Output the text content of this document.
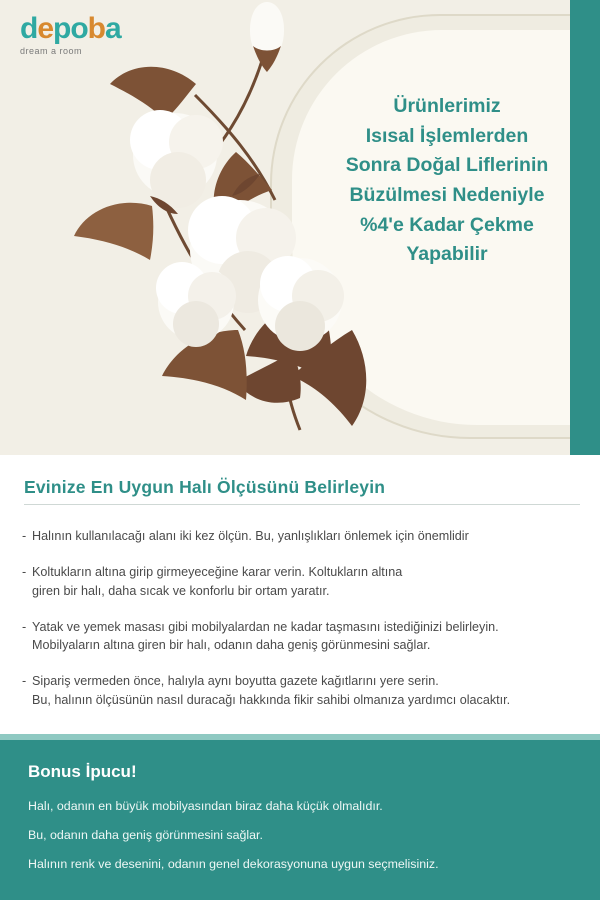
depoba
dream a room
Ürünlerimiz
Isısal İşlemlerden
Sonra Doğal Liflerinin
Büzülmesi Nedeniyle
%4'e Kadar Çekme
Yapabilir
Evinize En Uygun Halı Ölçüsünü Belirleyin
- Halının kullanılacağı alanı iki kez ölçün. Bu, yanlışlıkları önlemek için önemlidir
- Koltukların altına girip girmeyeceğine karar verin. Koltukların altına
giren bir halı, daha sıcak ve konforlu bir ortam yaratır.
- Yatak ve yemek masası gibi mobilyalardan ne kadar taşmasını istediğinizi belirleyin.
Mobilyaların altına giren bir halı, odanın daha geniş görünmesini sağlar.
- Sipariş vermeden önce, halıyla aynı boyutta gazete kağıtlarını yere serin.
Bu, halının ölçüsünün nasıl duracağı hakkında fikir sahibi olmanıza yardımcı olacaktır.
Bonus İpucu!
Halı, odanın en büyük mobilyasından biraz daha küçük olmalıdır.
Bu, odanın daha geniş görünmesini sağlar.
Halının renk ve desenini, odanın genel dekorasyonuna uygun seçmelisiniz.
